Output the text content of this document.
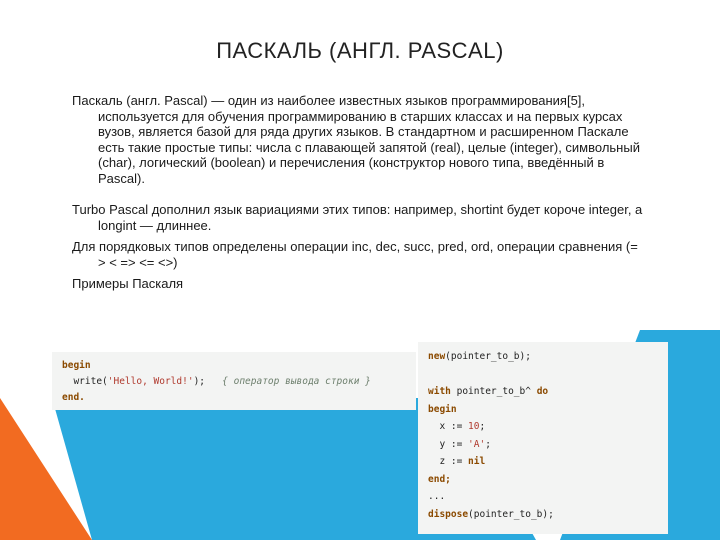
ПАСКАЛЬ (АНГЛ. PASCAL)

Паскаль (англ. Pascal) — один из наиболее известных языков программирования[5], используется для обучения программированию в старших классах и на первых курсах вузов, является базой для ряда других языков. В стандартном и расширенном Паскале есть такие простые типы: числа с плавающей запятой (real), целые (integer), символьный (char), логический (boolean) и перечисления (конструктор нового типа, введённый в Pascal).

Turbo Pascal дополнил язык вариациями этих типов: например, shortint будет короче integer, а longint — длиннее.

Для порядковых типов определены операции inc, dec, succ, pred, ord, операции сравнения (= > < => <= <>)

Примеры Паскаля

begin
write('Hello, World!');   { оператор вывода строки }
end.
new(pointer_to_b);
with pointer_to_b^ do
begin
x := 10;
y := 'A';
z := nil
end;
...
dispose(pointer_to_b);
